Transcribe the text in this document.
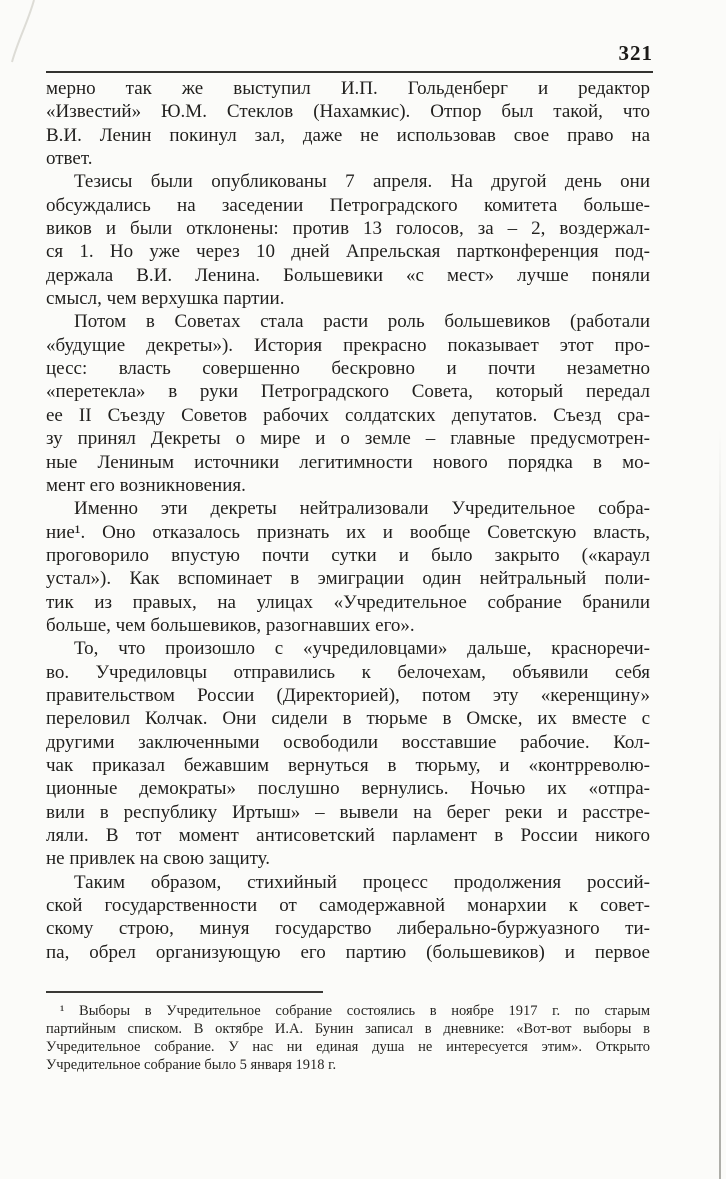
321
мерно так же выступил И.П. Гольденберг и редактор
«Известий» Ю.М. Стеклов (Нахамкис). Отпор был такой, что
В.И. Ленин покинул зал, даже не использовав свое право на
ответ.
Тезисы были опубликованы 7 апреля. На другой день они
обсуждались на заседении Петроградского комитета больше-
виков и были отклонены: против 13 голосов, за – 2, воздержал-
ся 1. Но уже через 10 дней Апрельская партконференция под-
держала В.И. Ленина. Большевики «с мест» лучше поняли
смысл, чем верхушка партии.
Потом в Советах стала расти роль большевиков (работали
«будущие декреты»). История прекрасно показывает этот про-
цесс: власть совершенно бескровно и почти незаметно
«перетекла» в руки Петроградского Совета, который передал
ее II Съезду Советов рабочих солдатских депутатов. Съезд сра-
зу принял Декреты о мире и о земле – главные предусмотрен-
ные Лениным источники легитимности нового порядка в мо-
мент его возникновения.
Именно эти декреты нейтрализовали Учредительное собра-
ние¹. Оно отказалось признать их и вообще Советскую власть,
проговорило впустую почти сутки и было закрыто («караул
устал»). Как вспоминает в эмиграции один нейтральный поли-
тик из правых, на улицах «Учредительное собрание бранили
больше, чем большевиков, разогнавших его».
То, что произошло с «учредиловцами» дальше, красноречи-
во. Учредиловцы отправились к белочехам, объявили себя
правительством России (Директорией), потом эту «керенщину»
переловил Колчак. Они сидели в тюрьме в Омске, их вместе с
другими заключенными освободили восставшие рабочие. Кол-
чак приказал бежавшим вернуться в тюрьму, и «контрреволю-
ционные демократы» послушно вернулись. Ночью их «отпра-
вили в республику Иртыш» – вывели на берег реки и расстре-
ляли. В тот момент антисоветский парламент в России никого
не привлек на свою защиту.
Таким образом, стихийный процесс продолжения россий-
ской государственности от самодержавной монархии к совет-
скому строю, минуя государство либерально-буржуазного ти-
па, обрел организующую его партию (большевиков) и первое
¹ Выборы в Учредительное собрание состоялись в ноябре 1917 г. по старым
партийным списком. В октябре И.А. Бунин записал в дневнике: «Вот-вот выборы в
Учредительное собрание. У нас ни единая душа не интересуется этим». Открыто
Учредительное собрание было 5 января 1918 г.
